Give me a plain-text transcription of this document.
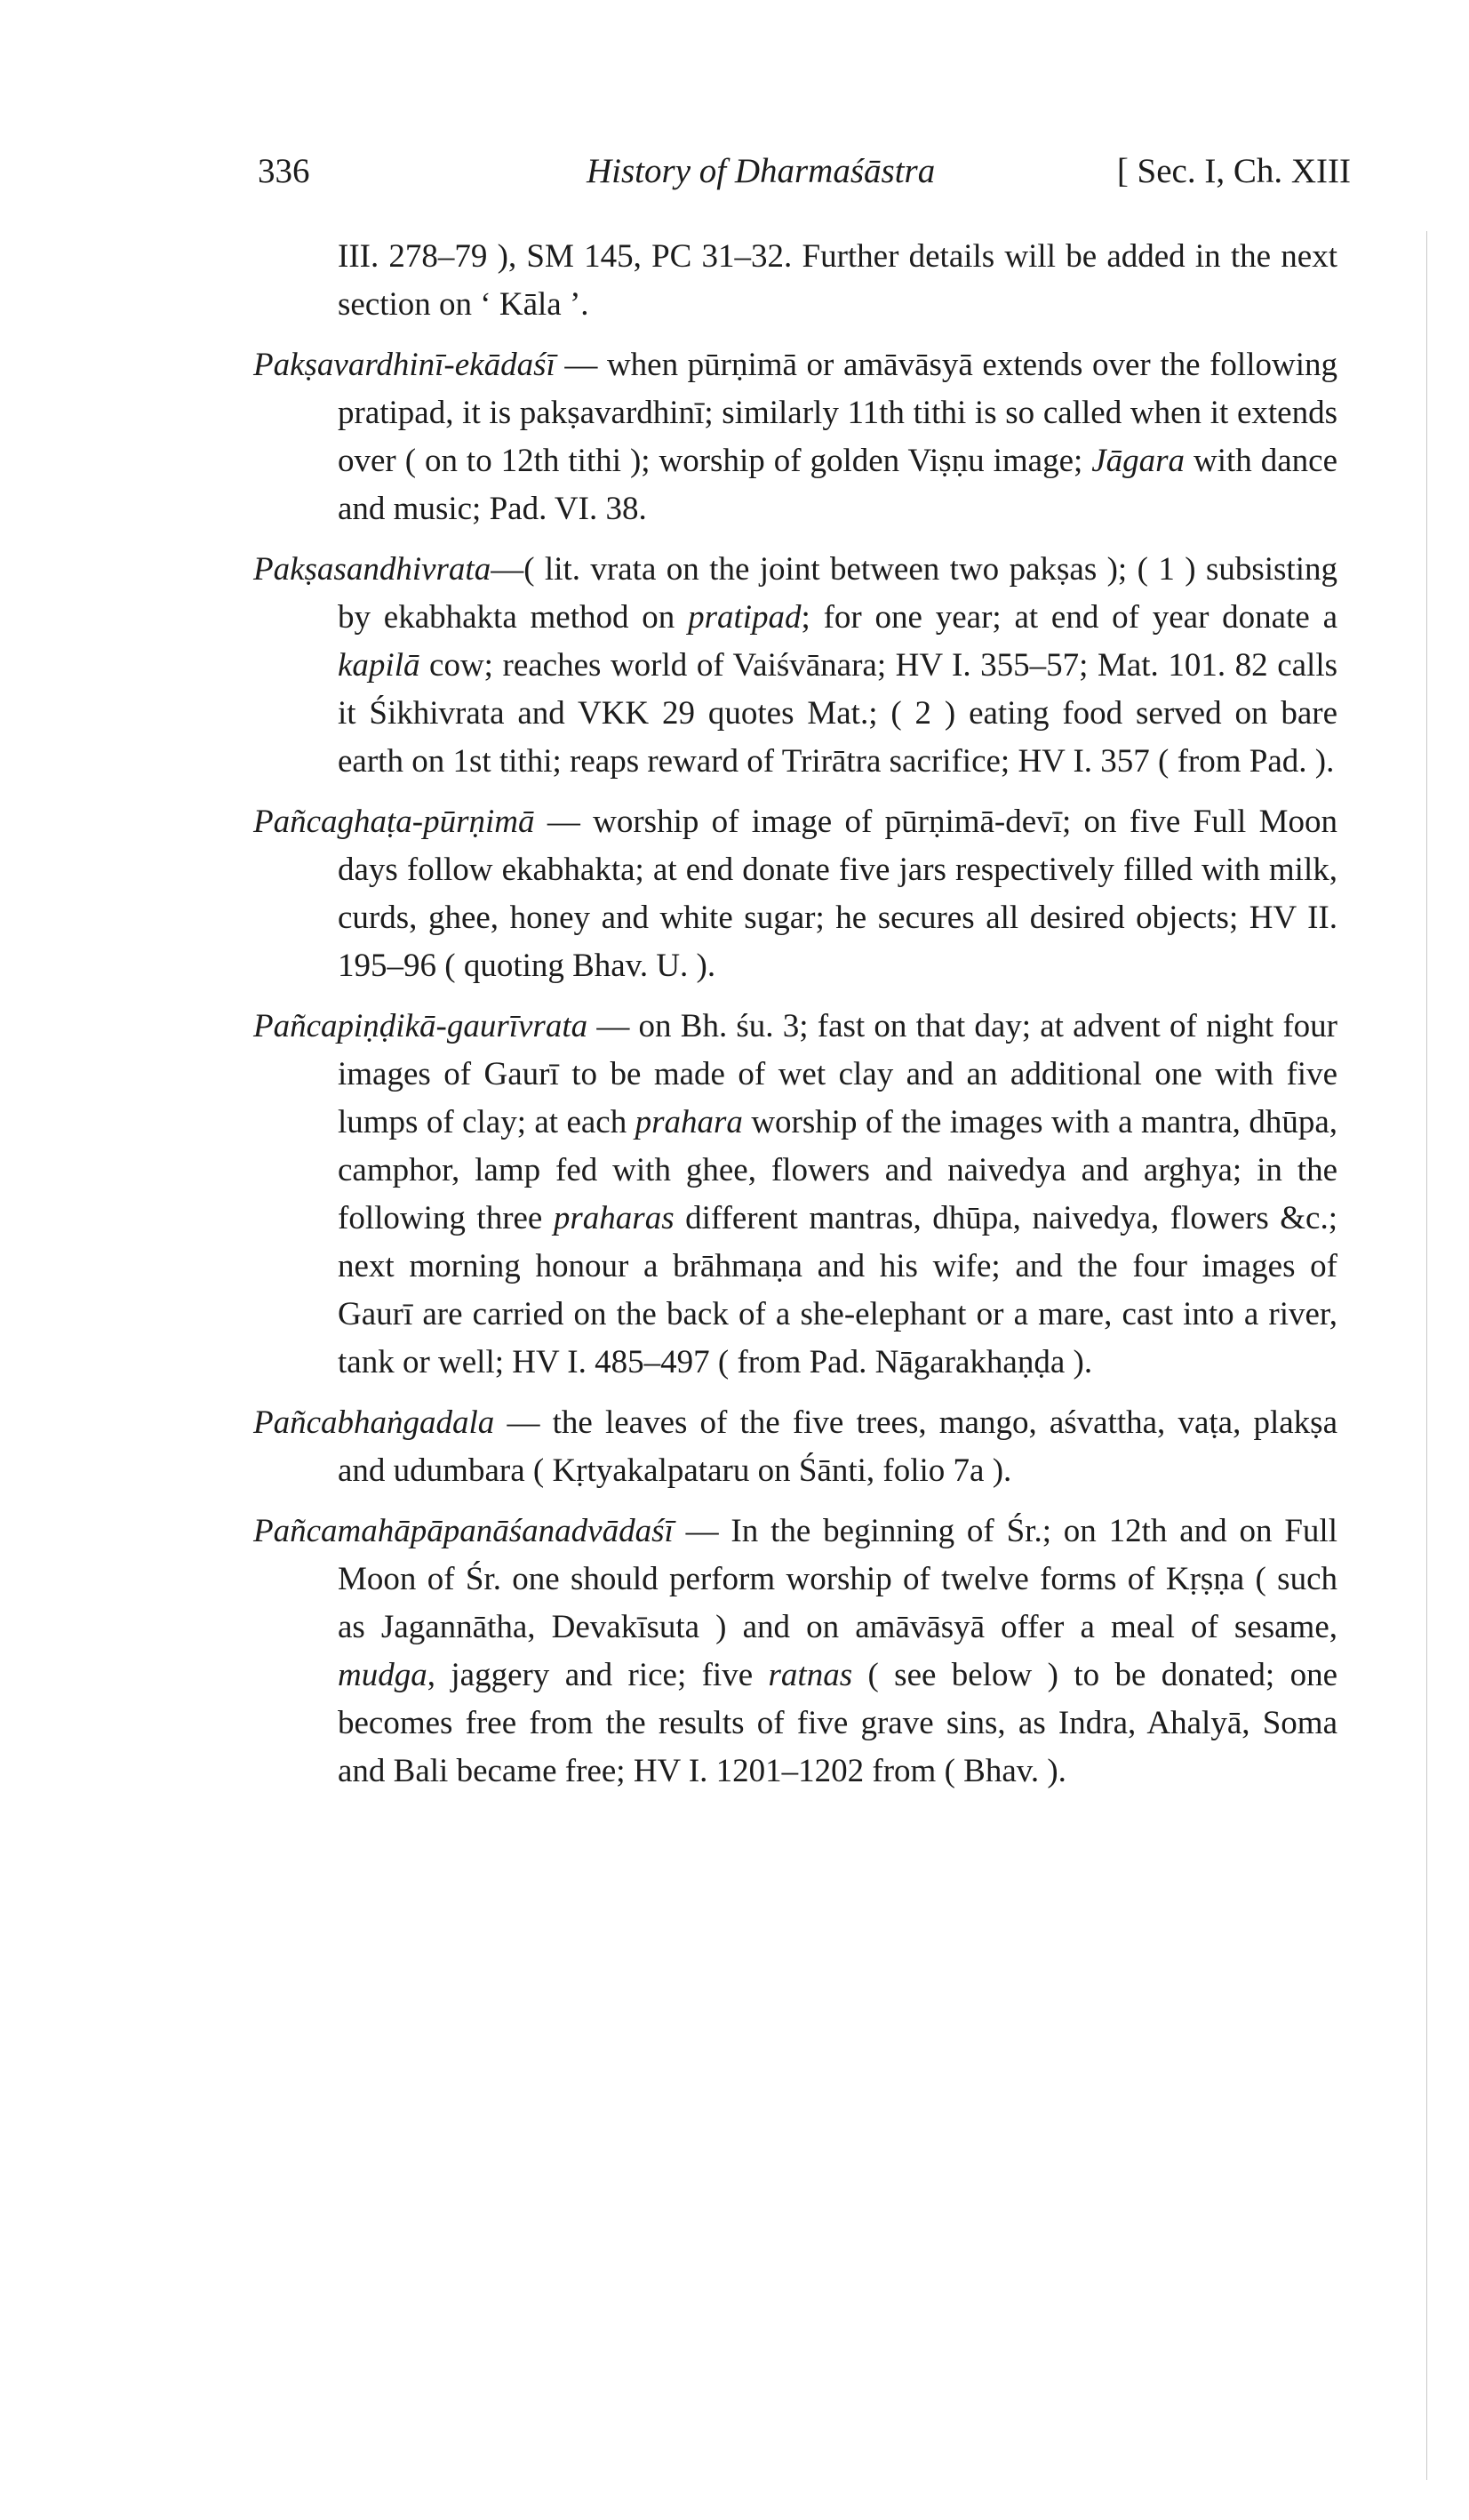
336	History of Dharmaśāstra	[ Sec. I, Ch. XIII

III. 278–79 ), SM 145, PC 31–32. Further details will be added in the next section on ‘ Kāla ’.

Pakṣavardhinī-ekādaśī — when pūrṇimā or amāvāsyā extends over the following pratipad, it is pakṣavardhinī; similarly 11th tithi is so called when it extends over ( on to 12th tithi ); worship of golden Viṣṇu image; Jāgara with dance and music; Pad. VI. 38.

Pakṣasandhivrata—( lit. vrata on the joint between two pakṣas ); ( 1 ) subsisting by ekabhakta method on pratipad; for one year; at end of year donate a kapilā cow; reaches world of Vaiśvānara; HV I. 355–57; Mat. 101. 82 calls it Śikhivrata and VKK 29 quotes Mat.; ( 2 ) eating food served on bare earth on 1st tithi; reaps reward of Trirātra sacrifice; HV I. 357 ( from Pad. ).

Pañcaghaṭa-pūrṇimā — worship of image of pūrṇimā-devī; on five Full Moon days follow ekabhakta; at end donate five jars respectively filled with milk, curds, ghee, honey and white sugar; he secures all desired objects; HV II. 195–96 ( quoting Bhav. U. ).

Pañcapiṇḍikā-gaurīvrata — on Bh. śu. 3; fast on that day; at advent of night four images of Gaurī to be made of wet clay and an additional one with five lumps of clay; at each prahara worship of the images with a mantra, dhūpa, camphor, lamp fed with ghee, flowers and naivedya and arghya; in the following three praharas different mantras, dhūpa, naivedya, flowers &c.; next morning honour a brāhmaṇa and his wife; and the four images of Gaurī are carried on the back of a she-elephant or a mare, cast into a river, tank or well; HV I. 485–497 ( from Pad. Nāgarakhaṇḍa ).

Pañcabhaṅgadala — the leaves of the five trees, mango, aśvattha, vaṭa, plakṣa and udumbara ( Kṛtyakalpataru on Śānti, folio 7a ).

Pañcamahāpāpanāśanadvādaśī — In the beginning of Śr.; on 12th and on Full Moon of Śr. one should perform worship of twelve forms of Kṛṣṇa ( such as Jagannātha, Devakīsuta ) and on amāvāsyā offer a meal of sesame, mudga, jaggery and rice; five ratnas ( see below ) to be donated; one becomes free from the results of five grave sins, as Indra, Ahalyā, Soma and Bali became free; HV I. 1201–1202 from ( Bhav. ).
